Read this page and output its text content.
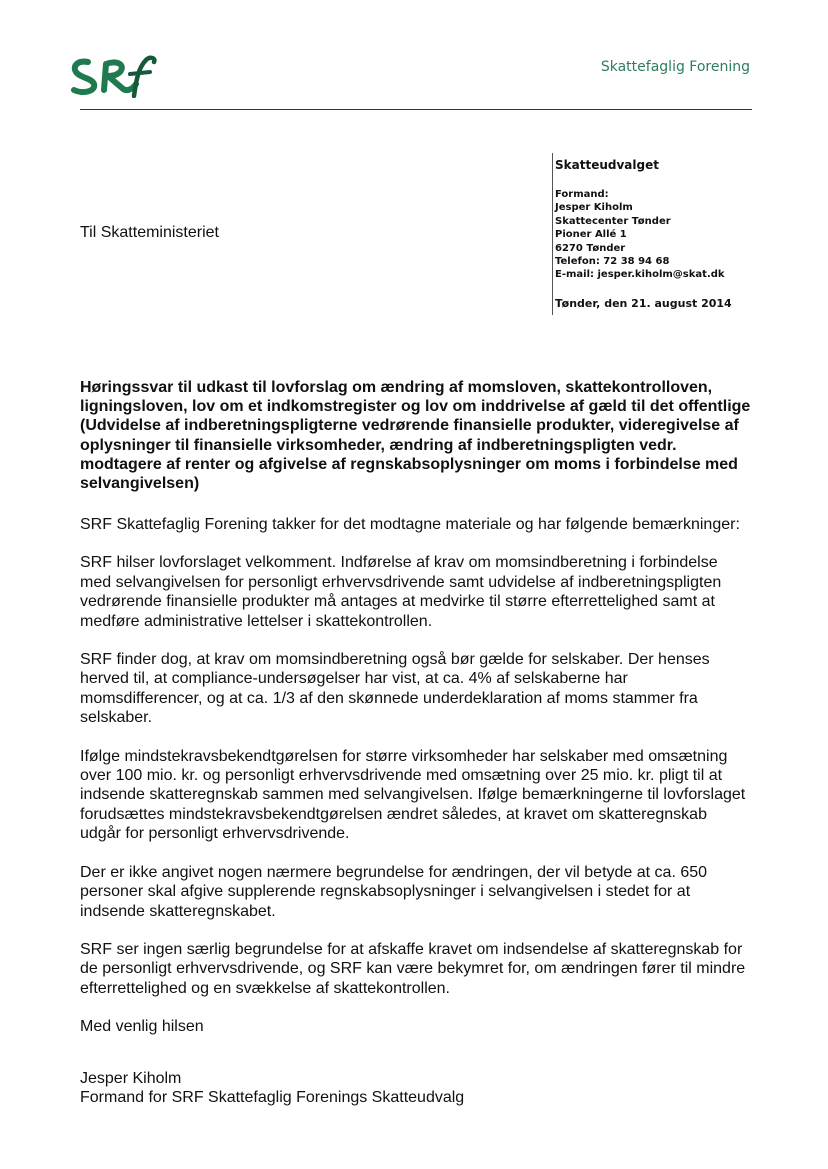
Skattefaglig Forening
Til Skatteministeriet
Skatteudvalget
Formand:
Jesper Kiholm
Skattecenter Tønder
Pioner Allé 1
6270 Tønder
Telefon: 72 38 94 68
E-mail: jesper.kiholm@skat.dk
Tønder, den 21. august 2014
Høringssvar til udkast til lovforslag om ændring af momsloven, skattekontrolloven, ligningsloven, lov om et indkomstregister og lov om inddrivelse af gæld til det offentlige (Udvidelse af indberetningspligterne vedrørende finansielle produkter, videregivelse af oplysninger til finansielle virksomheder, ændring af indberetningspligten vedr. modtagere af renter og afgivelse af regnskabsoplysninger om moms i forbindelse med selvangivelsen)

SRF Skattefaglig Forening takker for det modtagne materiale og har følgende bemærkninger:

SRF hilser lovforslaget velkomment. Indførelse af krav om momsindberetning i forbindelse med selvangivelsen for personligt erhvervsdrivende samt udvidelse af indberetningspligten vedrørende finansielle produkter må antages at medvirke til større efterrettelighed samt at medføre administrative lettelser i skattekontrollen.

SRF finder dog, at krav om momsindberetning også bør gælde for selskaber. Der henses herved til, at compliance-undersøgelser har vist, at ca. 4% af selskaberne har momsdifferencer, og at ca. 1/3 af den skønnede underdeklaration af moms stammer fra selskaber.

Ifølge mindstekravsbekendtgørelsen for større virksomheder har selskaber med omsætning over 100 mio. kr. og personligt erhvervsdrivende med omsætning over 25 mio. kr. pligt til at indsende skatteregnskab sammen med selvangivelsen. Ifølge bemærkningerne til lovforslaget forudsættes mindstekravsbekendtgørelsen ændret således, at kravet om skatteregnskab udgår for personligt erhvervsdrivende.

Der er ikke angivet nogen nærmere begrundelse for ændringen, der vil betyde at ca. 650 personer skal afgive supplerende regnskabsoplysninger i selvangivelsen i stedet for at indsende skatteregnskabet.

SRF ser ingen særlig begrundelse for at afskaffe kravet om indsendelse af skatteregnskab for de personligt erhvervsdrivende, og SRF kan være bekymret for, om ændringen fører til mindre efterrettelighed og en svækkelse af skattekontrollen.

Med venlig hilsen

Jesper Kiholm
Formand for SRF Skattefaglig Forenings Skatteudvalg
